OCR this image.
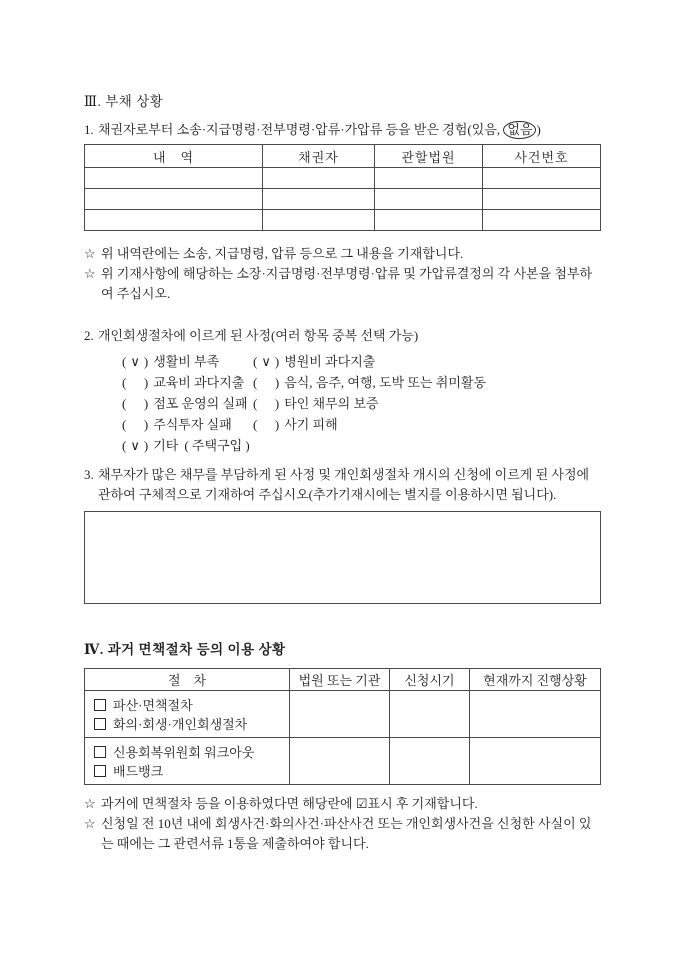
Ⅲ. 부채 상황
1. 채권자로부터 소송·지급명령·전부명령·압류·가압류 등을 받은 경험(있음, 없음 )
내　역	채권자	관할법원	사건번호

☆ 위 내역란에는 소송, 지급명령, 압류 등으로 그 내용을 기재합니다.
☆ 위 기재사항에 해당하는 소장·지급명령·전부명령·압류 및 가압류결정의 각 사본을 첨부하여 주십시오.
2. 개인회생절차에 이르게 된 사정(여러 항목 중복 선택 가능)
( ∨ ) 생활비 부족	( ∨ ) 병원비 과다지출
(  )교육비 과다지출 (  )	음식, 음주, 여행, 도박 또는 취미활동
(  )점포 운영의 실패 (  )	타인 채무의 보증
(  )주식투자 실패 (  )	사기 피해
( ∨ ) 기타 ( 주택구입 )
3. 채무자가 많은 채무를 부담하게 된 사정 및 개인회생절차 개시의 신청에 이르게 된 사정에 관하여 구체적으로 기재하여 주십시오(추가기재시에는 별지를 이용하시면 됩니다).
Ⅳ. 과거 면책절차 등의 이용 상황
절　차	법원 또는 기관	신청시기	현재까지 진행상황

파산·면책절차
화의·회생·개인회생절차			

신용회복위원회 워크아웃
배드뱅크			

☆ 과거에 면책절차 등을 이용하였다면 해당란에 ☑표시 후 기재합니다.
☆ 신청일 전 10년 내에 회생사건·화의사건·파산사건 또는 개인회생사건을 신청한 사실이 있는 때에는 그 관련서류 1통을 제출하여야 합니다.
